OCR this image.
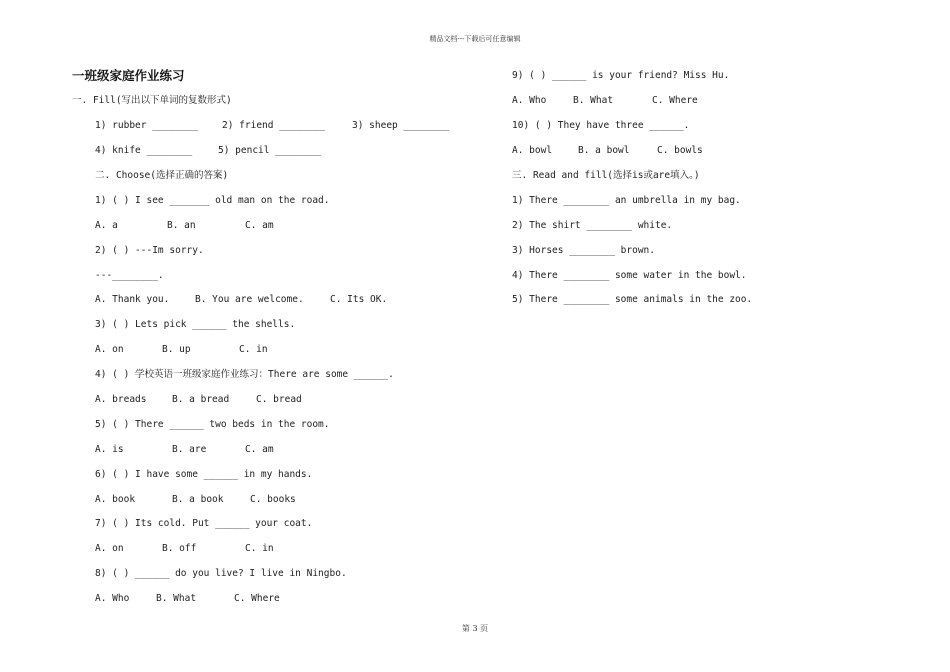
精品文档---下载后可任意编辑
一班级家庭作业练习
一. Fill(写出以下单词的复数形式)
1) rubber ________	2) friend ________	3) sheep ________
4) knife ________	5) pencil ________
二. Choose(选择正确的答案)
1) ( ) I see _______ old man on the road.
A. a	B. an	C. am
2) ( ) ---Im sorry.
---________.
A. Thank you.	B. You are welcome.	C. Its OK.
3) ( ) Lets pick ______ the shells.
A. on	B. up	C. in
4) ( ) 学校英语一班级家庭作业练习：There are some ______.
A. breads	B. a bread	C. bread
5) ( ) There ______ two beds in the room.
A. is	B. are	C. am
6) ( ) I have some ______ in my hands.
A. book	B. a book	C. books
7) ( ) Its cold. Put ______ your coat.
A. on	B. off	C. in
8) ( ) ______ do you live? I live in Ningbo.
A. Who	B. What	C. Where
9) ( ) ______ is your friend? Miss Hu.
A. Who	B. What	C. Where
10) ( ) They have three ______.
A. bowl	B. a bowl	C. bowls
三. Read and fill(选择is或are填入。)
1) There ________ an umbrella in my bag.
2) The shirt ________ white.
3) Horses ________ brown.
4) There ________ some water in the bowl.
5) There ________ some animals in the zoo.
第 3 页
